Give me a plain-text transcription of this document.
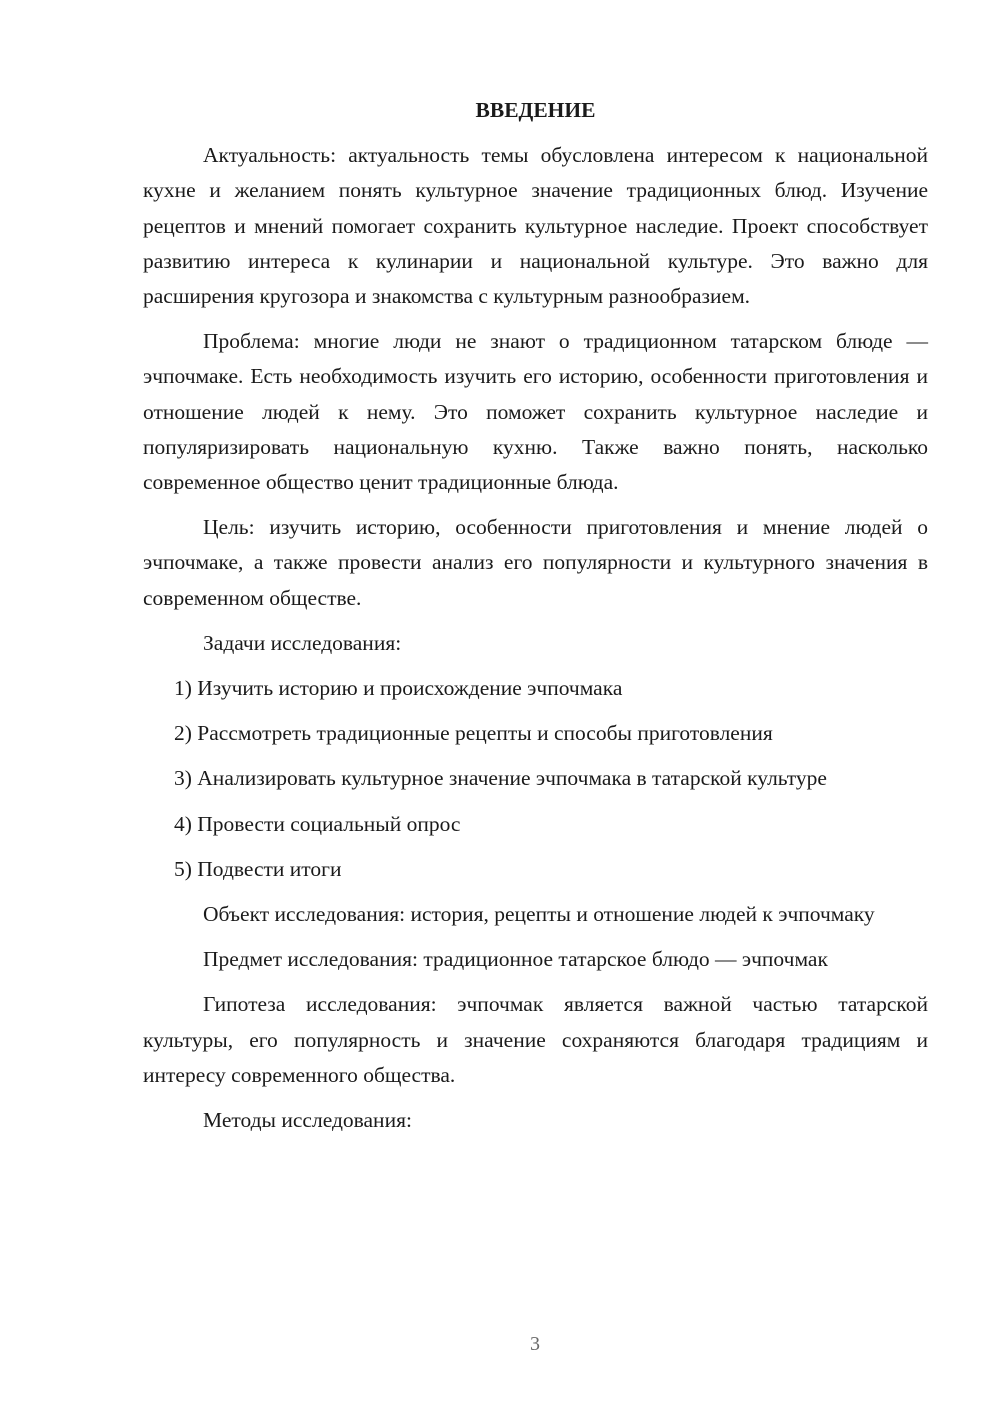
ВВЕДЕНИЕ

Актуальность: актуальность темы обусловлена интересом к национальной кухне и желанием понять культурное значение традиционных блюд. Изучение рецептов и мнений помогает сохранить культурное наследие. Проект способствует развитию интереса к кулинарии и национальной культуре. Это важно для расширения кругозора и знакомства с культурным разнообразием.

Проблема: многие люди не знают о традиционном татарском блюде — эчпочмаке. Есть необходимость изучить его историю, особенности приготовления и отношение людей к нему. Это поможет сохранить культурное наследие и популяризировать национальную кухню. Также важно понять, насколько современное общество ценит традиционные блюда.

Цель: изучить историю, особенности приготовления и мнение людей о эчпочмаке, а также провести анализ его популярности и культурного значения в современном обществе.

Задачи исследования:

1) Изучить историю и происхождение эчпочмака

2) Рассмотреть традиционные рецепты и способы приготовления

3) Анализировать культурное значение эчпочмака в татарской культуре

4) Провести социальный опрос

5) Подвести итоги

Объект исследования: история, рецепты и отношение людей к эчпочмаку

Предмет исследования: традиционное татарское блюдо — эчпочмак

Гипотеза исследования: эчпочмак является важной частью татарской культуры, его популярность и значение сохраняются благодаря традициям и интересу современного общества.

Методы исследования:

3
